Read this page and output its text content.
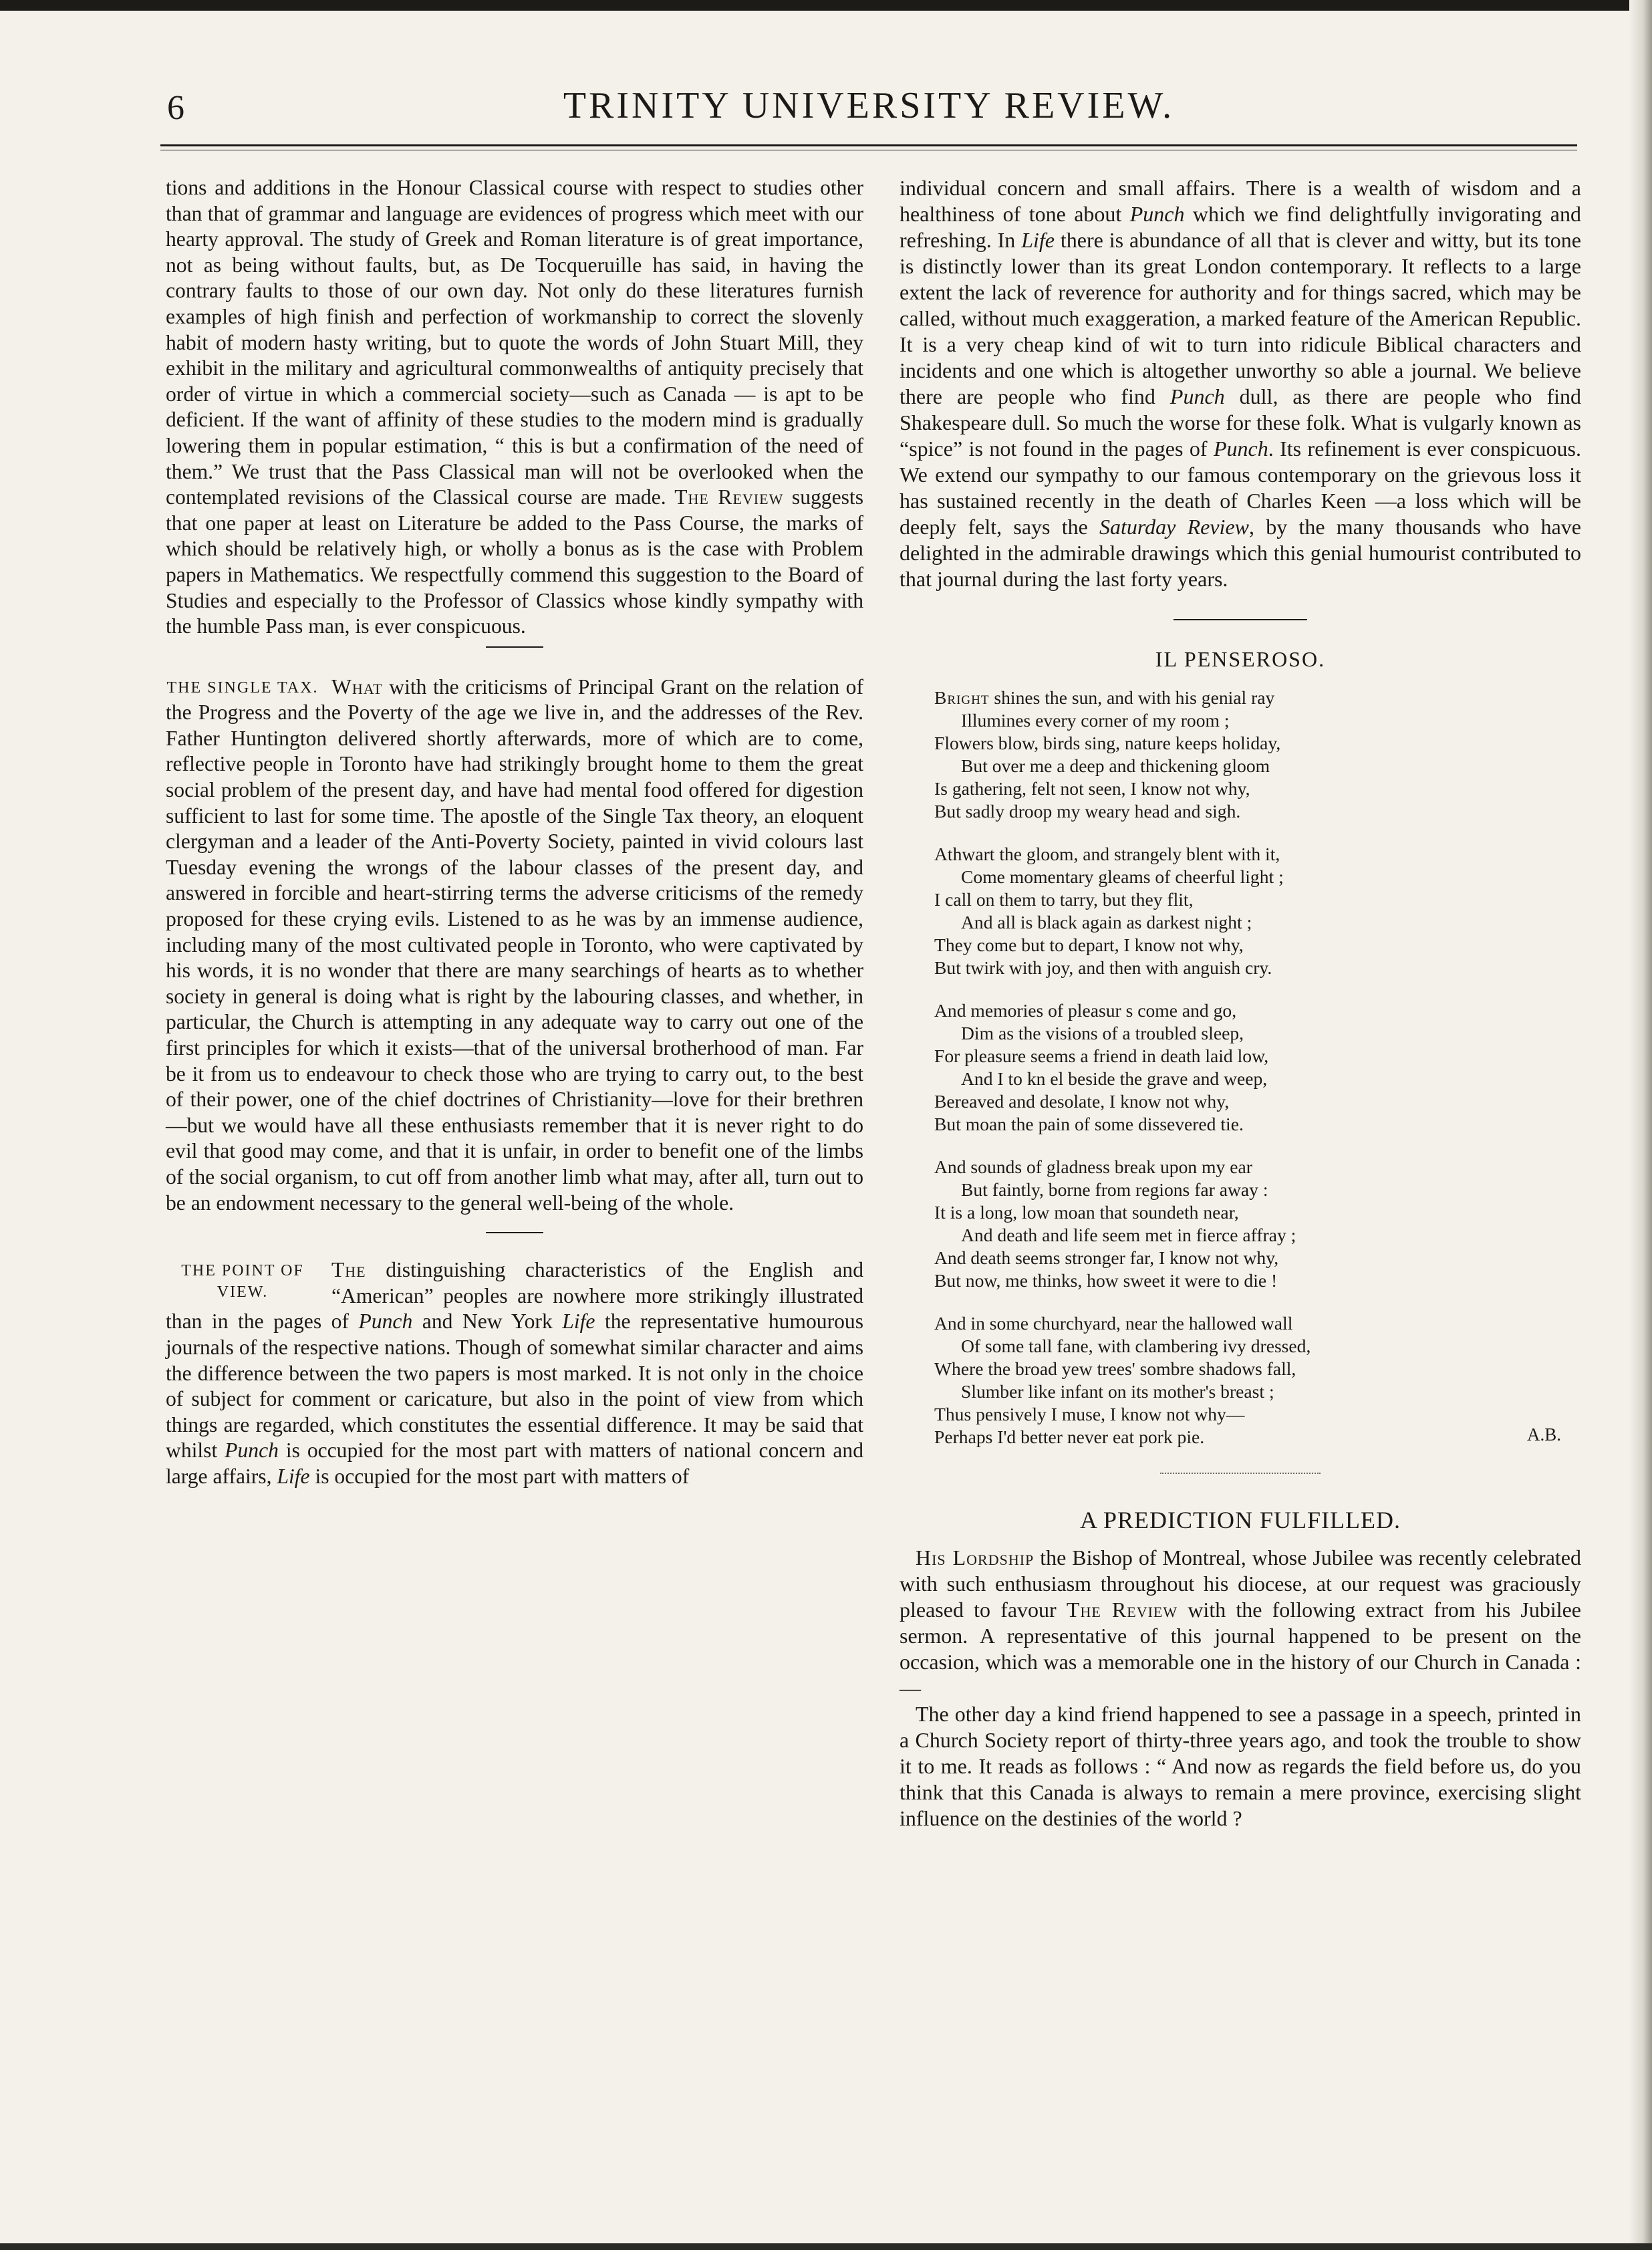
6	TRINITY UNIVERSITY REVIEW.

tions and additions in the Honour Classical course with respect to studies other than that of grammar and language are evidences of progress which meet with our hearty approval. The study of Greek and Roman literature is of great importance, not as being without faults, but, as De Tocqueruille has said, in having the contrary faults to those of our own day. Not only do these literatures furnish examples of high finish and perfection of workmanship to correct the slovenly habit of modern hasty writing, but to quote the words of John Stuart Mill, they exhibit in the military and agricultural commonwealths of antiquity precisely that order of virtue in which a commercial society—such as Canada — is apt to be deficient. If the want of affinity of these studies to the modern mind is gradually lowering them in popular estimation, “ this is but a confirmation of the need of them.” We trust that the Pass Classical man will not be overlooked when the contemplated revisions of the Classical course are made. The Review suggests that one paper at least on Literature be added to the Pass Course, the marks of which should be relatively high, or wholly a bonus as is the case with Problem papers in Mathematics. We respectfully commend this suggestion to the Board of Studies and especially to the Professor of Classics whose kindly sympathy with the humble Pass man, is ever conspicuous.

THE SINGLE TAX. What with the criticisms of Principal Grant on the relation of the Progress and the Poverty of the age we live in, and the addresses of the Rev. Father Huntington delivered shortly afterwards, more of which are to come, reflective people in Toronto have had strikingly brought home to them the great social problem of the present day, and have had mental food offered for digestion sufficient to last for some time. The apostle of the Single Tax theory, an eloquent clergyman and a leader of the Anti-Poverty Society, painted in vivid colours last Tuesday evening the wrongs of the labour classes of the present day, and answered in forcible and heart-stirring terms the adverse criticisms of the remedy proposed for these crying evils. Listened to as he was by an immense audience, including many of the most cultivated people in Toronto, who were captivated by his words, it is no wonder that there are many searchings of hearts as to whether society in general is doing what is right by the labouring classes, and whether, in particular, the Church is attempting in any adequate way to carry out one of the first principles for which it exists—that of the universal brotherhood of man. Far be it from us to endeavour to check those who are trying to carry out, to the best of their power, one of the chief doctrines of Christianity—love for their brethren —but we would have all these enthusiasts remember that it is never right to do evil that good may come, and that it is unfair, in order to benefit one of the limbs of the social organism, to cut off from another limb what may, after all, turn out to be an endowment necessary to the general well-being of the whole.

THE POINT OF VIEW.
The distinguishing characteristics of the English and “American” peoples are nowhere more strikingly illustrated than in the pages of Punch and New York Life the representative humourous journals of the respective nations. Though of somewhat similar character and aims the difference between the two papers is most marked. It is not only in the choice of subject for comment or caricature, but also in the point of view from which things are regarded, which constitutes the essential difference. It may be said that whilst Punch is occupied for the most part with matters of national concern and large affairs, Life is occupied for the most part with matters of

individual concern and small affairs. There is a wealth of wisdom and a healthiness of tone about Punch which we find delightfully invigorating and refreshing. In Life there is abundance of all that is clever and witty, but its tone is distinctly lower than its great London contemporary. It reflects to a large extent the lack of reverence for authority and for things sacred, which may be called, without much exaggeration, a marked feature of the American Republic. It is a very cheap kind of wit to turn into ridicule Biblical characters and incidents and one which is altogether unworthy so able a journal. We believe there are people who find Punch dull, as there are people who find Shakespeare dull. So much the worse for these folk. What is vulgarly known as “spice” is not found in the pages of Punch. Its refinement is ever conspicuous. We extend our sympathy to our famous contemporary on the grievous loss it has sustained recently in the death of Charles Keen —a loss which will be deeply felt, says the Saturday Review, by the many thousands who have delighted in the admirable drawings which this genial humourist contributed to that journal during the last forty years.

IL PENSEROSO.
Bright shines the sun, and with his genial ray
Illumines every corner of my room ;
Flowers blow, birds sing, nature keeps holiday,
But over me a deep and thickening gloom
Is gathering, felt not seen, I know not why,
But sadly droop my weary head and sigh.
Athwart the gloom, and strangely blent with it,
Come momentary gleams of cheerful light ;
I call on them to tarry, but they flit,
And all is black again as darkest night ;
They come but to depart, I know not why,
But twirk with joy, and then with anguish cry.
And memories of pleasur s come and go,
Dim as the visions of a troubled sleep,
For pleasure seems a friend in death laid low,
And I to kn el beside the grave and weep,
Bereaved and desolate, I know not why,
But moan the pain of some dissevered tie.
And sounds of gladness break upon my ear
But faintly, borne from regions far away :
It is a long, low moan that soundeth near,
And death and life seem met in fierce affray ;
And death seems stronger far, I know not why,
But now, me thinks, how sweet it were to die !
And in some churchyard, near the hallowed wall
Of some tall fane, with clambering ivy dressed,
Where the broad yew trees' sombre shadows fall,
Slumber like infant on its mother's breast ;
Thus pensively I muse, I know not why—
Perhaps I'd better never eat pork pie.	A.B.
A PREDICTION FULFILLED.

His Lordship the Bishop of Montreal, whose Jubilee was recently celebrated with such enthusiasm throughout his diocese, at our request was graciously pleased to favour The Review with the following extract from his Jubilee sermon. A representative of this journal happened to be present on the occasion, which was a memorable one in the history of our Church in Canada :—

The other day a kind friend happened to see a passage in a speech, printed in a Church Society report of thirty-three years ago, and took the trouble to show it to me. It reads as follows : “ And now as regards the field before us, do you think that this Canada is always to remain a mere province, exercising slight influence on the destinies of the world ?
